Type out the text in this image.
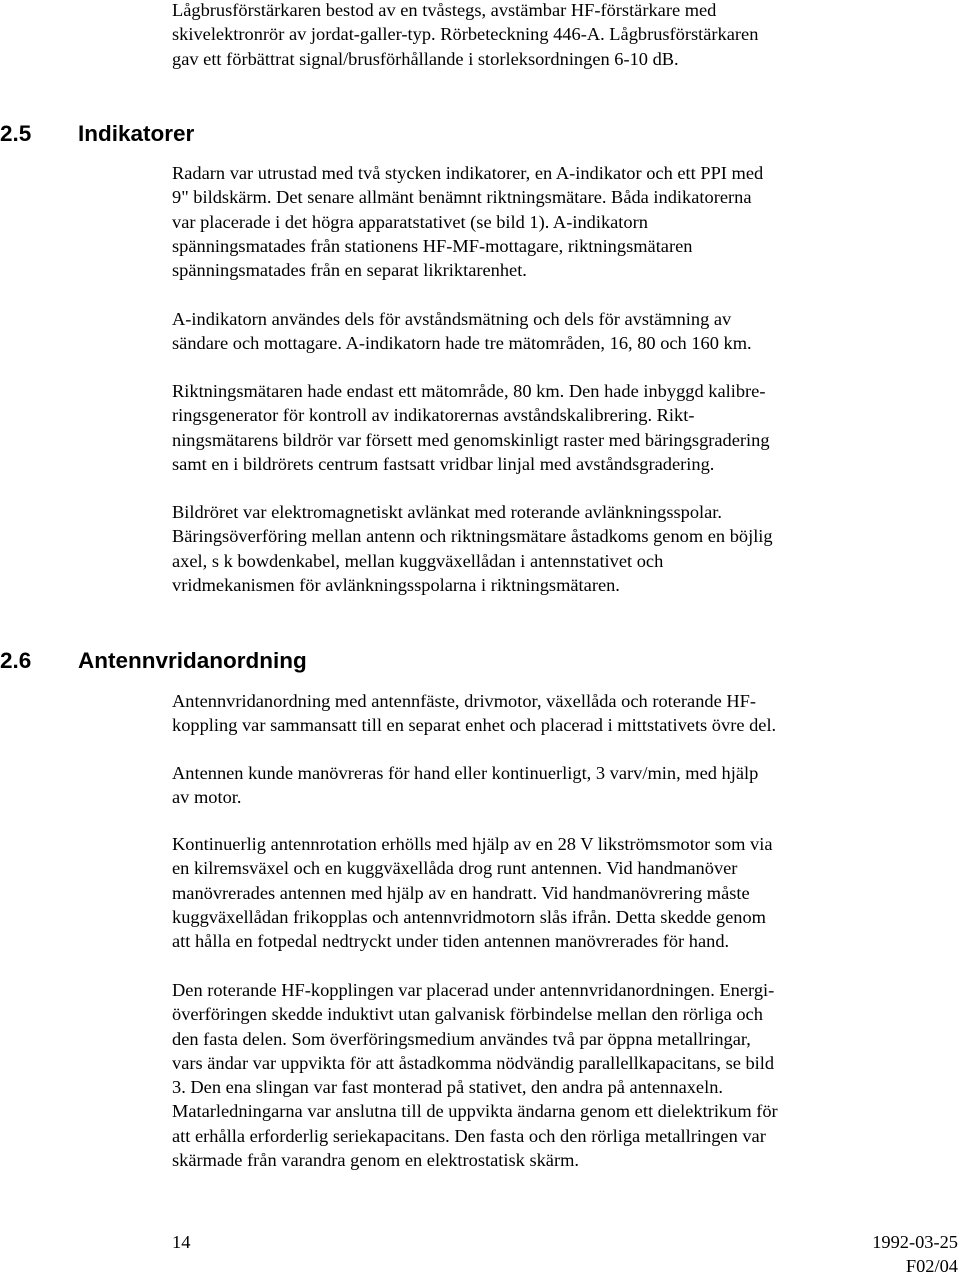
Lågbrusförstärkaren bestod av en tvåstegs, avstämbar HF-förstärkare med
skivelektronrör av jordat-galler-typ. Rörbeteckning 446-A. Lågbrusförstärkaren
gav ett förbättrat signal/brusförhållande i storleksordningen 6-10 dB.

2.5 Indikatorer

Radarn var utrustad med två stycken indikatorer, en A-indikator och ett PPI med
9" bildskärm. Det senare allmänt benämnt riktningsmätare. Båda indikatorerna
var placerade i det högra apparatstativet (se bild 1). A-indikatorn
spänningsmatades från stationens HF-MF-mottagare, riktningsmätaren
spänningsmatades från en separat likriktarenhet.

A-indikatorn användes dels för avståndsmätning och dels för avstämning av
sändare och mottagare. A-indikatorn hade tre mätområden, 16, 80 och 160 km.

Riktningsmätaren hade endast ett mätområde, 80 km. Den hade inbyggd kalibre-
ringsgenerator för kontroll av indikatorernas avståndskalibrering. Rikt-
ningsmätarens bildrör var försett med genomskinligt raster med bäringsgradering
samt en i bildrörets centrum fastsatt vridbar linjal med avståndsgradering.

Bildröret var elektromagnetiskt avlänkat med roterande avlänkningsspolar.
Bäringsöverföring mellan antenn och riktningsmätare åstadkoms genom en böjlig
axel, s k bowdenkabel, mellan kuggväxellådan i antennstativet och
vridmekanismen för avlänkningsspolarna i riktningsmätaren.

2.6 Antennvridanordning

Antennvridanordning med antennfäste, drivmotor, växellåda och roterande HF-
koppling var sammansatt till en separat enhet och placerad i mittstativets övre del.

Antennen kunde manövreras för hand eller kontinuerligt, 3 varv/min, med hjälp
av motor.

Kontinuerlig antennrotation erhölls med hjälp av en 28 V likströmsmotor som via
en kilremsväxel och en kuggväxellåda drog runt antennen. Vid handmanöver
manövrerades antennen med hjälp av en handratt. Vid handmanövrering måste
kuggväxellådan frikopplas och antennvridmotorn slås ifrån. Detta skedde genom
att hålla en fotpedal nedtryckt under tiden antennen manövrerades för hand.

Den roterande HF-kopplingen var placerad under antennvridanordningen. Energi-
överföringen skedde induktivt utan galvanisk förbindelse mellan den rörliga och
den fasta delen. Som överföringsmedium användes två par öppna metallringar,
vars ändar var uppvikta för att åstadkomma nödvändig parallellkapacitans, se bild
3. Den ena slingan var fast monterad på stativet, den andra på antennaxeln.
Matarledningarna var anslutna till de uppvikta ändarna genom ett dielektrikum för
att erhålla erforderlig seriekapacitans. Den fasta och den rörliga metallringen var
skärmade från varandra genom en elektrostatisk skärm.

14	1992-03-25
F02/04
